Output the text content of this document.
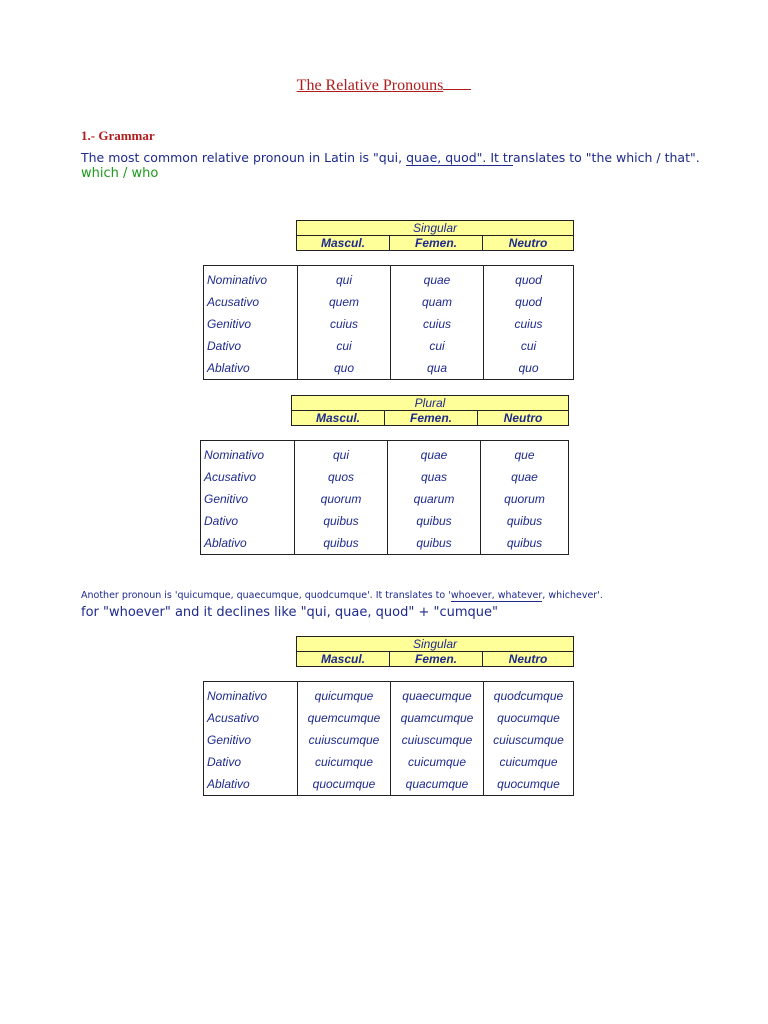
The Relative Pronouns
1.- Grammar
The most common relative pronoun in Latin is "qui, quae, quod". It translates to "the which / that".
which / who
Singular
Mascul.	Femen.	Neutro
Nominativo	qui	quae	quod
Acusativo	quem	quam	quod
Genitivo	cuius	cuius	cuius
Dativo	cui	cui	cui
Ablativo	quo	qua	quo
Plural
Mascul.	Femen.	Neutro
Nominativo	qui	quae	que
Acusativo	quos	quas	quae
Genitivo	quorum	quarum	quorum
Dativo	quibus	quibus	quibus
Ablativo	quibus	quibus	quibus
Another pronoun is 'quicumque, quaecumque, quodcumque'. It translates to 'whoever, whatever, whichever'.
for "whoever" and it declines like "qui, quae, quod" + "cumque"
Singular
Mascul.	Femen.	Neutro
Nominativo	quicumque	quaecumque	quodcumque
Acusativo	quemcumque	quamcumque	quocumque
Genitivo	cuiuscumque	cuiuscumque	cuiuscumque
Dativo	cuicumque	cuicumque	cuicumque
Ablativo	quocumque	quacumque	quocumque
